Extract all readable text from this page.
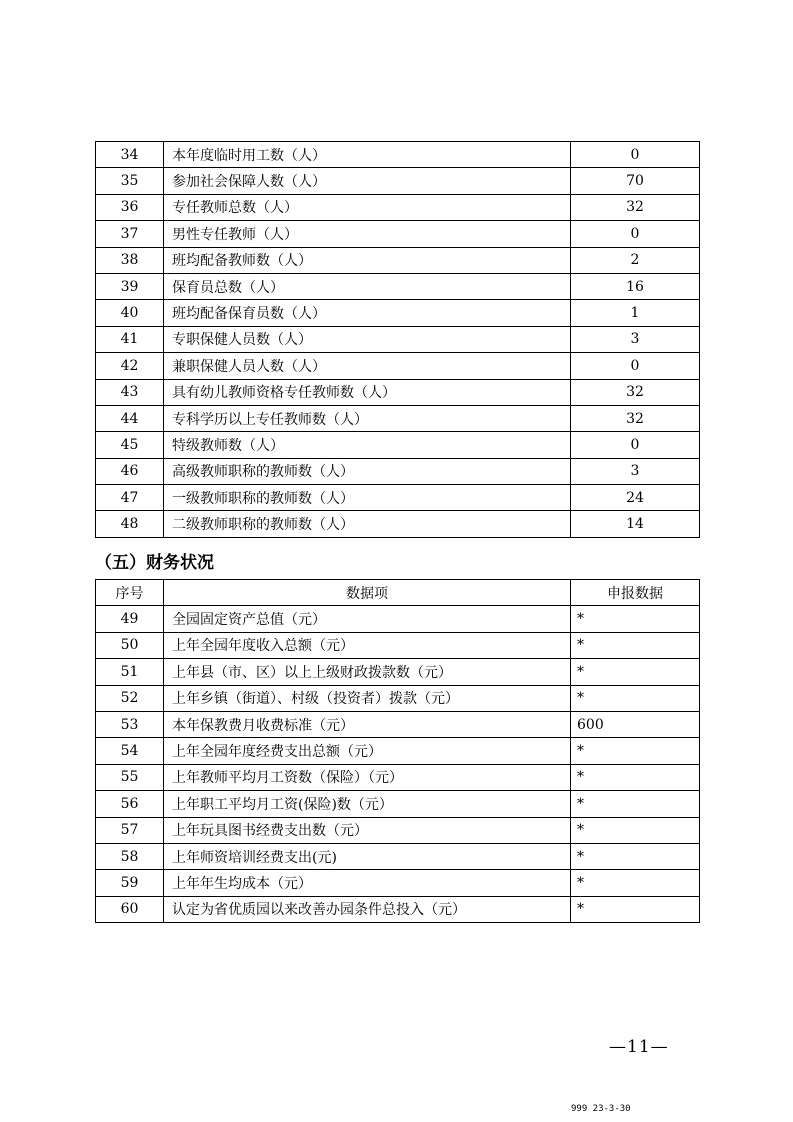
34	本年度临时用工数（人）	0
35	参加社会保障人数（人）	70
36	专任教师总数（人）	32
37	男性专任教师（人）	0
38	班均配备教师数（人）	2
39	保育员总数（人）	16
40	班均配备保育员数（人）	1
41	专职保健人员数（人）	3
42	兼职保健人员人数（人）	0
43	具有幼儿教师资格专任教师数（人）	32
44	专科学历以上专任教师数（人）	32
45	特级教师数（人）	0
46	高级教师职称的教师数（人）	3
47	一级教师职称的教师数（人）	24
48	二级教师职称的教师数（人）	14
（五）财务状况
序号	数据项	申报数据
49	全园固定资产总值（元）	*
50	上年全园年度收入总额（元）	*
51	上年县（市、区）以上上级财政拨款数（元）	*
52	上年乡镇（街道）、村级（投资者）拨款（元）	*
53	本年保教费月收费标准（元）	600
54	上年全园年度经费支出总额（元）	*
55	上年教师平均月工资数（保险）（元）	*
56	上年职工平均月工资(保险)数（元）	*
57	上年玩具图书经费支出数（元）	*
58	上年师资培训经费支出(元)	*
59	上年年生均成本（元）	*
60	认定为省优质园以来改善办园条件总投入（元）	*
—11—
999 23-3-30
